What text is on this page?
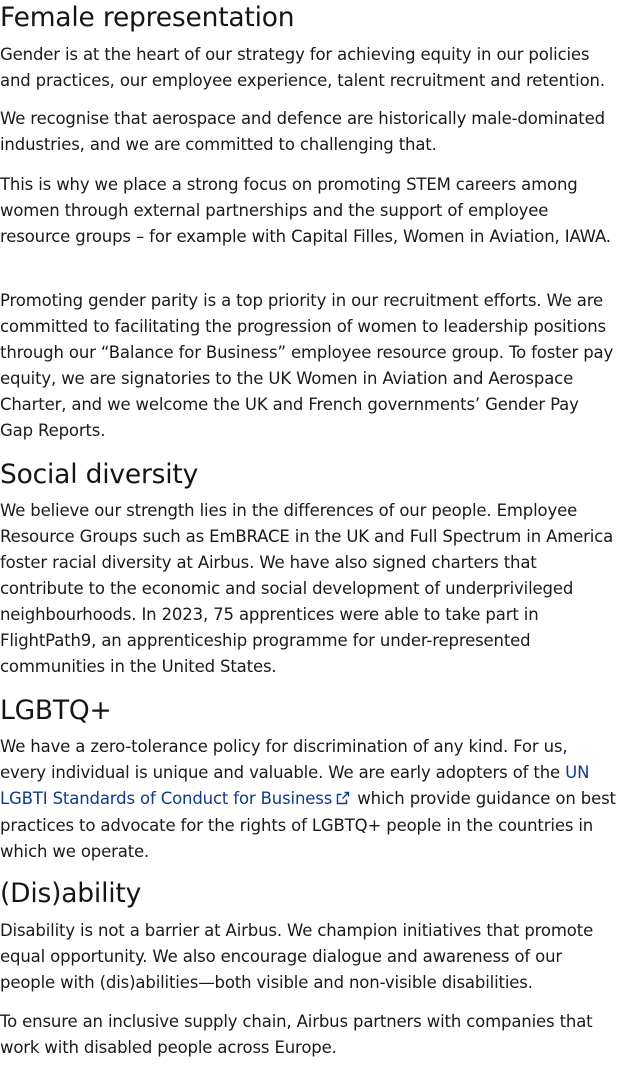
Female representation

Gender is at the heart of our strategy for achieving equity in our policies and practices, our employee experience, talent recruitment and retention.

We recognise that aerospace and defence are historically male-dominated industries, and we are committed to challenging that.

This is why we place a strong focus on promoting STEM careers among women through external partnerships and the support of employee resource groups – for example with Capital Filles, Women in Aviation, IAWA.

Promoting gender parity is a top priority in our recruitment efforts. We are committed to facilitating the progression of women to leadership positions through our “Balance for Business” employee resource group. To foster pay equity, we are signatories to the UK Women in Aviation and Aerospace Charter, and we welcome the UK and French governments’ Gender Pay Gap Reports.

Social diversity

We believe our strength lies in the differences of our people. Employee Resource Groups such as EmBRACE in the UK and Full Spectrum in America foster racial diversity at Airbus. We have also signed charters that contribute to the economic and social development of underprivileged neighbourhoods. In 2023, 75 apprentices were able to take part in FlightPath9, an apprenticeship programme for under-represented communities in the United States.

LGBTQ+

We have a zero-tolerance policy for discrimination of any kind. For us, every individual is unique and valuable. We are early adopters of the UN LGBTI Standards of Conduct for Business which provide guidance on best practices to advocate for the rights of LGBTQ+ people in the countries in which we operate.

(Dis)ability

Disability is not a barrier at Airbus. We champion initiatives that promote equal opportunity. We also encourage dialogue and awareness of our people with (dis)abilities—both visible and non-visible disabilities.

To ensure an inclusive supply chain, Airbus partners with companies that work with disabled people across Europe.
